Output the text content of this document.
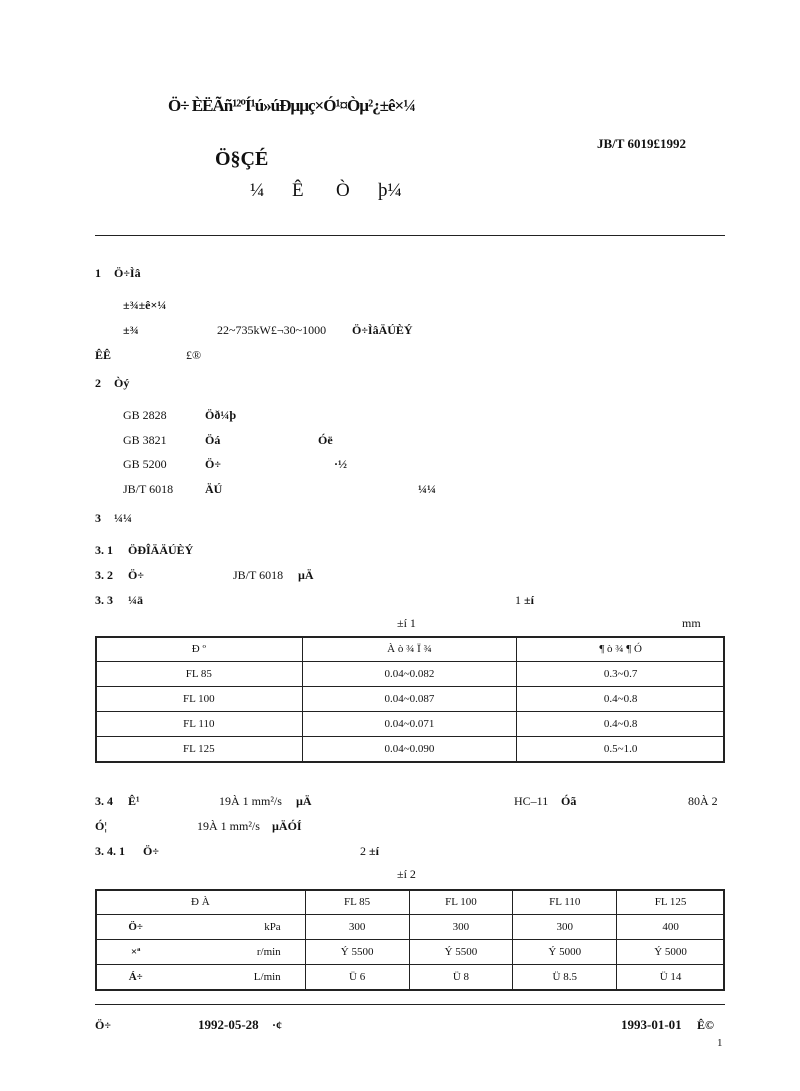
Ö÷ ÈËÃñ¹²ºÍ¹ú»úÐµµç×Ó¹¤Òµ²¿±ê×¼
JB/T 6019£1992
Ö§ÇÉ
¼ Ê Ò þ¼
1 Ö÷Ìâ
±¾±ê×¼
±¾	22~735kW£¬30~1000 Ö÷ÌâÄÚÈÝ
ÊÊ	£®
2 Òý
GB 2828	Öð¼þ
GB 3821	Öá	Óë
GB 5200	Ö÷	·½
JB/T 6018	ÄÚ	¼¼
3 ¼¼
3. 1 ÖÐÎÄÄÚÈÝ
3. 2 Ö÷	JB/T 6018 µÄ
3. 3 ¼ä	1 ±í
±í 1	mm
Ð º	À ò ¾ Ï ¾	¶ ò ¾ ¶ Ó
FL 85	0.04~0.082	0.3~0.7
FL 100	0.04~0.087	0.4~0.8
FL 110	0.04~0.071	0.4~0.8
FL 125	0.04~0.090	0.5~1.0
3. 4 Ê¹	19À 1 mm²/s µÄ	HC–11 Óã	80À 2
Ó¦	19À 1 mm²/s µÄÓÍ
3. 4. 1 Ö÷	2 ±í
±í 2
Ð À		FL 85	FL 100	FL 110	FL 125
Ö÷	kPa	300	300	300	400
×ª	r/min	Ý 5500	Ý 5500	Ý 5000	Ý 5000
Á÷	L/min	Ü 6	Ü 8	Ü 8.5	Ü 14
Ö÷	1992-05-28 ·¢	1993-01-01 Ê©
1
